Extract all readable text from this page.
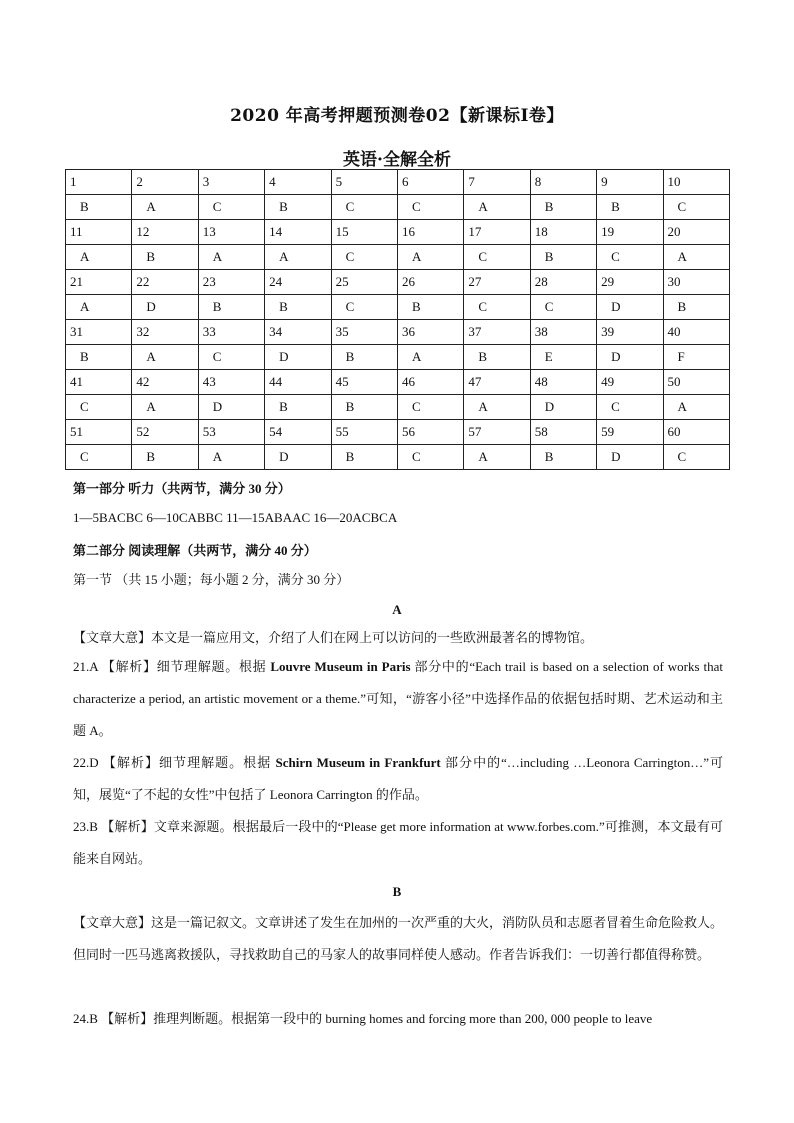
2020 年高考押题预测卷02【新课标Ⅰ卷】
英语·全解全析
1	2	3	4	5	6	7	8	9	10
B	A	C	B	C	C	A	B	B	C
11	12	13	14	15	16	17	18	19	20
A	B	A	A	C	A	C	B	C	A
21	22	23	24	25	26	27	28	29	30
A	D	B	B	C	B	C	C	D	B
31	32	33	34	35	36	37	38	39	40
B	A	C	D	B	A	B	E	D	F
41	42	43	44	45	46	47	48	49	50
C	A	D	B	B	C	A	D	C	A
51	52	53	54	55	56	57	58	59	60
C	B	A	D	B	C	A	B	D	C
第一部分 听力（共两节，满分 30 分）
1—5BACBC 6—10CABBC 11—15ABAAC 16—20ACBCA
第二部分 阅读理解（共两节，满分 40 分）
第一节 （共 15 小题；每小题 2 分，满分 30 分）
A
【文章大意】本文是一篇应用文，介绍了人们在网上可以访问的一些欧洲最著名的博物馆。
21.A 【解析】细节理解题。根据 Louvre Museum in Paris 部分中的“Each trail is based on a selection of works that characterize a period, an artistic movement or a theme.”可知，“游客小径”中选择作品的依据包括时期、艺术运动和主题 A。
22.D 【解析】细节理解题。根据 Schirn Museum in Frankfurt 部分中的“…including …Leonora Carrington…”可知，展览“了不起的女性”中包括了 Leonora Carrington 的作品。
23.B 【解析】文章来源题。根据最后一段中的“Please get more information at www.forbes.com.”可推测，本文最有可能来自网站。
B
【文章大意】这是一篇记叙文。文章讲述了发生在加州的一次严重的大火，消防队员和志愿者冒着生命危险救人。但同时一匹马逃离救援队，寻找救助自己的马家人的故事同样使人感动。作者告诉我们：一切善行都值得称赞。
24.B 【解析】推理判断题。根据第一段中的 burning homes and forcing more than 200, 000 people to leave
